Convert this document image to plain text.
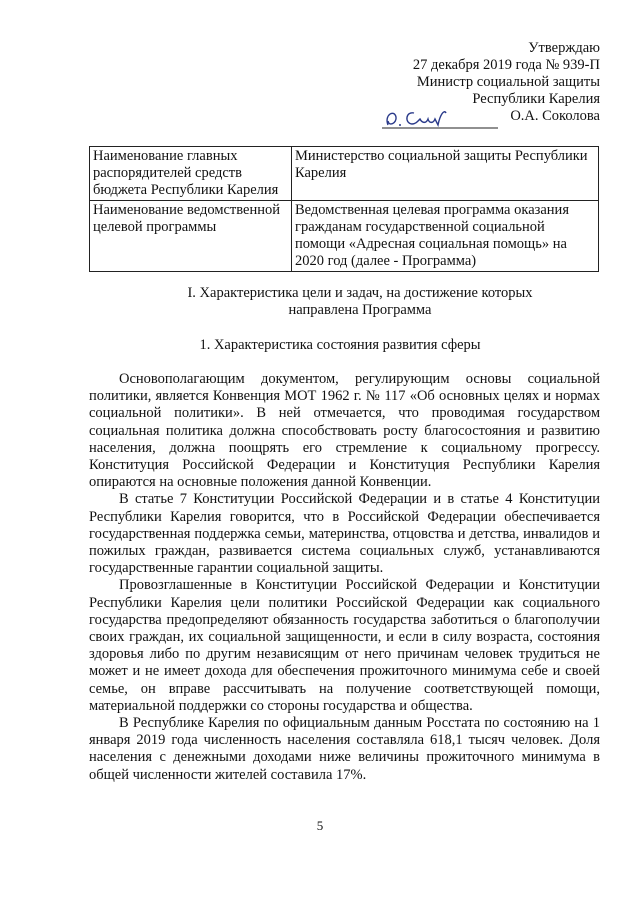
Утверждаю
27 декабря 2019 года № 939-П
Министр социальной защиты
Республики Карелия
О.А. Соколова
Наименование главных распорядителей средств бюджета Республики Карелия	Министерство социальной защиты Республики Карелия
Наименование ведомственной целевой программы	Ведомственная целевая программа оказания гражданам государственной социальной помощи «Адресная социальная помощь» на 2020 год (далее - Программа)
I. Характеристика цели и задач, на достижение которых направлена Программа
1. Характеристика состояния развития сферы

Основополагающим документом, регулирующим основы социальной политики, является Конвенция МОТ 1962 г. № 117 «Об основных целях и нормах социальной политики». В ней отмечается, что проводимая государством социальная политика должна способствовать росту благосостояния и развитию населения, должна поощрять его стремление к социальному прогрессу. Конституция Российской Федерации и Конституция Республики Карелия опираются на основные положения данной Конвенции.

В статье 7 Конституции Российской Федерации и в статье 4 Конституции Республики Карелия говорится, что в Российской Федерации обеспечивается государственная поддержка семьи, материнства, отцовства и детства, инвалидов и пожилых граждан, развивается система социальных служб, устанавливаются государственные гарантии социальной защиты.

Провозглашенные в Конституции Российской Федерации и Конституции Республики Карелия цели политики Российской Федерации как социального государства предопределяют обязанность государства заботиться о благополучии своих граждан, их социальной защищенности, и если в силу возраста, состояния здоровья либо по другим независящим от него причинам человек трудиться не может и не имеет дохода для обеспечения прожиточного минимума себе и своей семье, он вправе рассчитывать на получение соответствующей помощи, материальной поддержки со стороны государства и общества.

В Республике Карелия по официальным данным Росстата по состоянию на 1 января 2019 года численность населения составляла 618,1 тысяч человек. Доля населения с денежными доходами ниже величины прожиточного минимума в общей численности жителей составила 17%.

5
